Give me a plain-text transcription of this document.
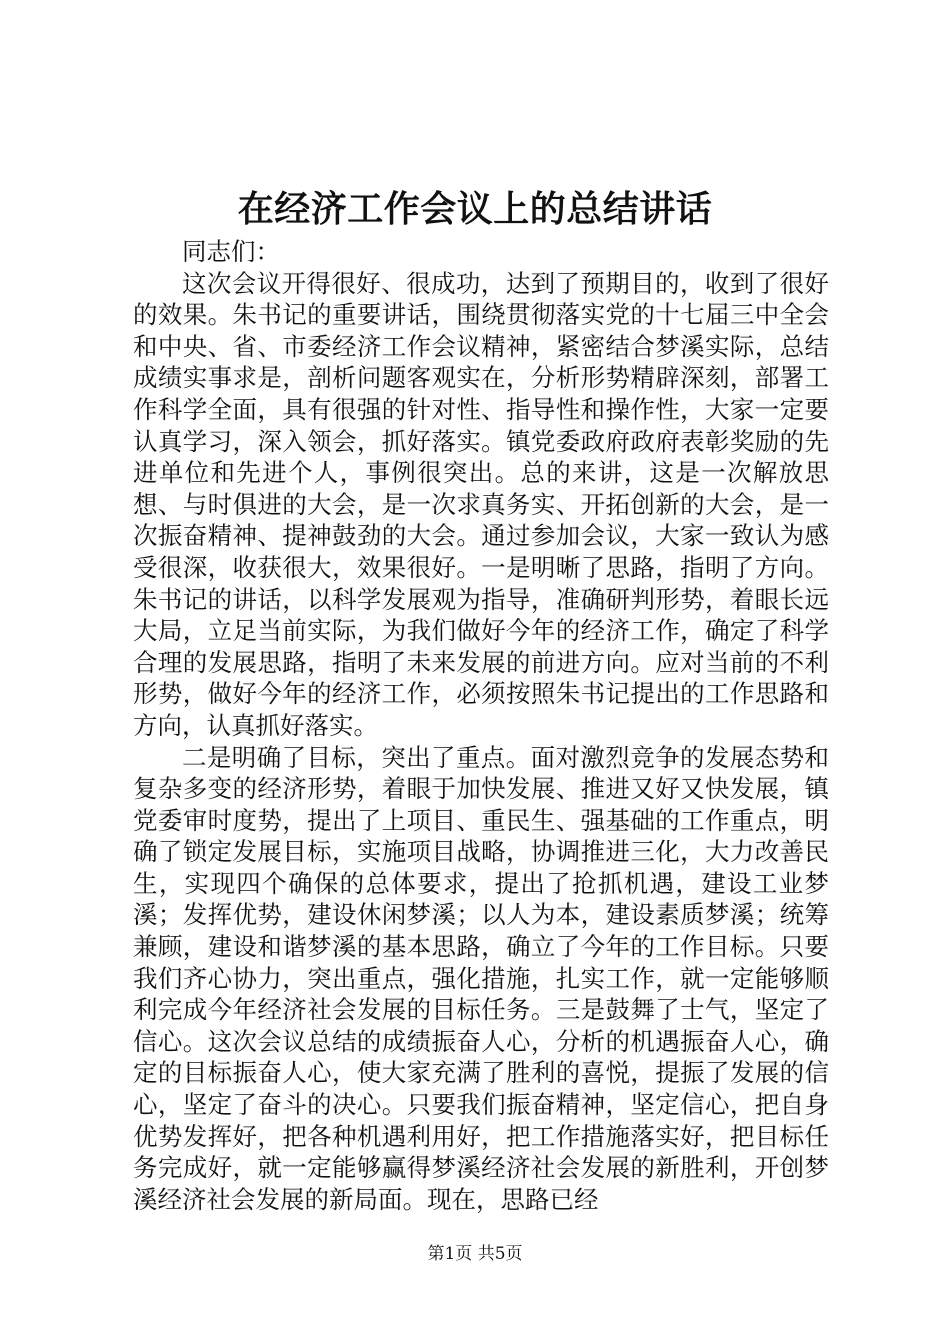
在经济工作会议上的总结讲话

同志们：

这次会议开得很好、很成功，达到了预期目的，收到了很好的效果。朱书记的重要讲话，围绕贯彻落实党的十七届三中全会和中央、省、市委经济工作会议精神，紧密结合梦溪实际，总结成绩实事求是，剖析问题客观实在，分析形势精辟深刻，部署工作科学全面，具有很强的针对性、指导性和操作性，大家一定要认真学习，深入领会，抓好落实。镇党委政府政府表彰奖励的先进单位和先进个人，事例很突出。总的来讲，这是一次解放思想、与时俱进的大会，是一次求真务实、开拓创新的大会，是一次振奋精神、提神鼓劲的大会。通过参加会议，大家一致认为感受很深，收获很大，效果很好。一是明晰了思路，指明了方向。朱书记的讲话，以科学发展观为指导，准确研判形势，着眼长远大局，立足当前实际，为我们做好今年的经济工作，确定了科学合理的发展思路，指明了未来发展的前进方向。应对当前的不利形势，做好今年的经济工作，必须按照朱书记提出的工作思路和方向，认真抓好落实。

二是明确了目标，突出了重点。面对激烈竞争的发展态势和复杂多变的经济形势，着眼于加快发展、推进又好又快发展，镇党委审时度势，提出了上项目、重民生、强基础的工作重点，明确了锁定发展目标，实施项目战略，协调推进三化，大力改善民生，实现四个确保的总体要求，提出了抢抓机遇，建设工业梦溪；发挥优势，建设休闲梦溪；以人为本，建设素质梦溪；统筹兼顾，建设和谐梦溪的基本思路，确立了今年的工作目标。只要我们齐心协力，突出重点，强化措施，扎实工作，就一定能够顺利完成今年经济社会发展的目标任务。三是鼓舞了士气，坚定了信心。这次会议总结的成绩振奋人心，分析的机遇振奋人心，确定的目标振奋人心，使大家充满了胜利的喜悦，提振了发展的信心，坚定了奋斗的决心。只要我们振奋精神，坚定信心，把自身优势发挥好，把各种机遇利用好，把工作措施落实好，把目标任务完成好，就一定能够赢得梦溪经济社会发展的新胜利，开创梦溪经济社会发展的新局面。现在，思路已经

第1页 共5页
